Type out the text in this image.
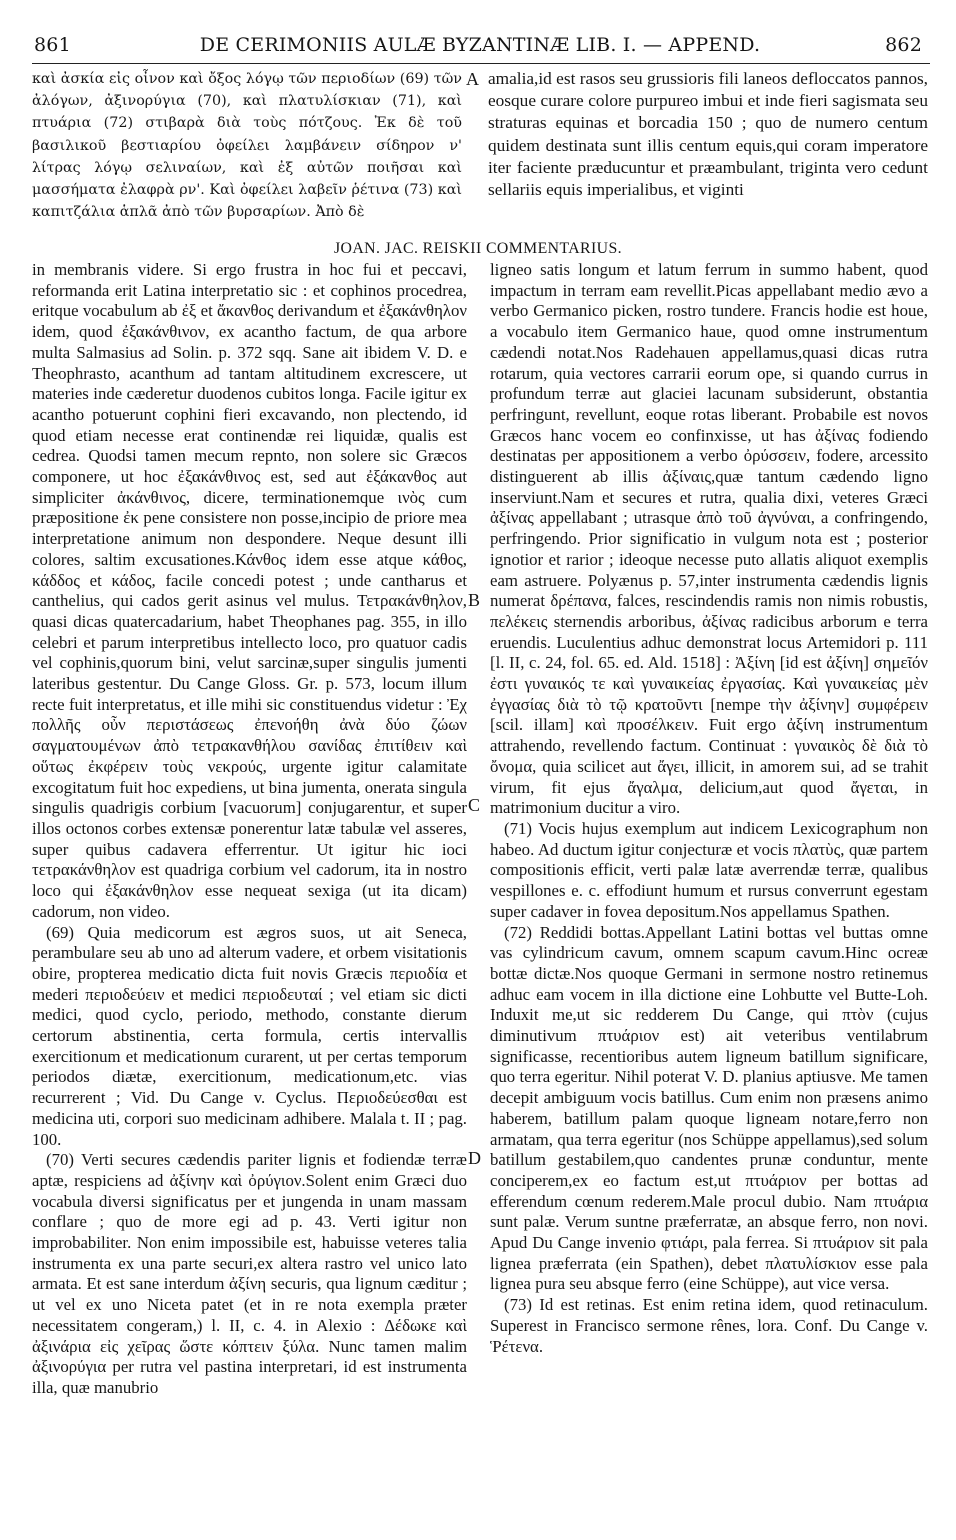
861	DE CERIMONIIS AULÆ BYZANTINÆ LIB. I. — APPEND.	862

καὶ ἀσκία εἰς οἶνον καὶ ὄξος λόγῳ τῶν περιοδίων (69) τῶν ἀλόγων, ἀξινορύγια (70), καὶ πλατυλίσκιαν (71), καὶ πτυάρια (72) στιβαρὰ διὰ τοὺς πότζους. Ἐκ δὲ τοῦ βασιλικοῦ βεστιαρίου ὀφείλει λαμβάνειν σίδηρον ν' λίτρας λόγῳ σελιναίων, καὶ ἐξ αὐτῶν ποιῆσαι καὶ μασσήματα ἐλαφρὰ ρν'. Καὶ ὀφείλει λαβεῖν ῥέτινα (73) καὶ καπιτζάλια ἁπλᾶ ἀπὸ τῶν βυρσαρίων. Ἀπὸ δὲ

A amalia,id est rasos seu grussioris fili laneos defloccatos pannos, eosque curare colore purpureo imbui et inde fieri sagismata seu straturas equinas et borcadia 150 ; quo de numero centum quidem destinata sunt illis centum equis,qui coram imperatore iter faciente præducuntur et præambulant, triginta vero cedunt sellariis equis imperialibus, et viginti

JOAN. JAC. REISKII COMMENTARIUS.

in membranis videre. Si ergo frustra in hoc fui et peccavi, reformanda erit Latina interpretatio sic : et cophinos procedrea, eritque vocabulum ab ἐξ et ἄκανθος derivandum et ἐξακάνθηλον idem, quod ἐξακάνθινον, ex acantho factum, de qua arbore multa Salmasius ad Solin. p. 372 sqq. Sane ait ibidem V. D. e Theophrasto, acanthum ad tantam altitudinem excrescere, ut materies inde cæderetur duodenos cubitos longa. Facile igitur ex acantho potuerunt cophini fieri excavando, non plectendo, id quod etiam necesse erat continendæ rei liquidæ, qualis est cedrea. Quodsi tamen mecum repnto, non solere sic Græcos componere, ut hoc ἐξακάνθινος est, sed aut ἐξάκανθος aut simpliciter ἀκάνθινος, dicere, terminationemque ινὸς cum præpositione ἐκ pene consistere non posse,incipio de priore mea interpretatione animum non despondere. Neque desunt illi colores, saltim excusationes.Κάνθος idem esse atque κάθος, κάδδος et κάδος, facile concedi potest ; unde cantharus et canthelius, qui cados gerit asinus vel mulus. Τετρακάνθηλον, quasi dicas quatercadarium, habet Theophanes pag. 355, in illo celebri et parum interpretibus intellecto loco, pro quatuor cadis vel cophinis,quorum bini, velut sarcinæ,super singulis jumenti lateribus gestentur. Du Cange Gloss. Gr. p. 573, locum illum recte fuit interpretatus, et ille mihi sic constituendus videtur : Ἐχ πολλῆς οὖν περιστάσεως ἐπενοήθη ἀνὰ δύο ζώων σαγματουμένων ἀπὸ τετρακανθήλου σανίδας ἐπιτίθειν καὶ οὕτως ἐκφέρειν τοὺς νεκρούς, urgente igitur calamitate excogitatum fuit hoc expediens, ut bina jumenta, onerata singula singulis quadrigis corbium [vacuorum] conjugarentur, et super illos octonos corbes extensæ ponerentur latæ tabulæ vel asseres, super quibus cadavera efferrentur. Ut igitur hic ioci τετρακάνθηλον est quadriga corbium vel cadorum, ita in nostro loco qui ἐξακάνθηλον esse nequeat sexiga (ut ita dicam) cadorum, non video.

(69) Quia medicorum est ægros suos, ut ait Seneca, perambulare seu ab uno ad alterum vadere, et orbem visitationis obire, propterea medicatio dicta fuit novis Græcis περιοδία et mederi περιοδεύειν et medici περιοδευταί ; vel etiam sic dicti medici, quod cyclo, periodo, methodo, constante dierum certorum abstinentia, certa formula, certis intervallis exercitionum et medicationum curarent, ut per certas temporum periodos diætæ, exercitionum, medicationum,etc. vias recurrerent ; Vid. Du Cange v. Cyclus. Περιοδεύεσθαι est medicina uti, corpori suo medicinam adhibere. Malala t. II ; pag. 100.

(70) Verti secures cædendis pariter lignis et fodiendæ terræ aptæ, respiciens ad ἀξίνην καὶ ὀρύγιον.Solent enim Græci duo vocabula diversi significatus per et jungenda in unam massam conflare ; quo de more egi ad p. 43. Verti igitur non improbabiliter. Non enim impossibile est, habuisse veteres talia instrumenta ex una parte securi,ex altera rastro vel unico lato armata. Et est sane interdum ἀξίνη securis, qua lignum cæditur ; ut vel ex uno Niceta patet (et in re nota exempla præter necessitatem congeram,) l. II, c. 4. in Alexio : Δέδωκε καὶ ἀξινάρια εἰς χεῖρας ὥστε κόπτειν ξύλα. Nunc tamen malim ἀξινορύγια per rutra vel pastina interpretari, id est instrumenta illa, quæ manubrio

B
C
D

ligneo satis longum et latum ferrum in summo habent, quod impactum in terram eam revellit.Picas appellabant medio ævo a verbo Germanico picken, rostro tundere. Francis hodie est houe, a vocabulo item Germanico haue, quod omne instrumentum cædendi notat.Nos Radehauen appellamus,quasi dicas rutra rotarum, quia vectores carrarii eorum ope, si quando currus in profundum terræ aut glaciei lacunam subsiderunt, obstantia perfringunt, revellunt, eoque rotas liberant. Probabile est novos Græcos hanc vocem eo confinxisse, ut has ἀξίνας fodiendo destinatas per appositionem a verbo ὀρύσσειν, fodere, arcessito distinguerent ab illis ἀξίναις,quæ tantum cædendo ligno inserviunt.Nam et secures et rutra, qualia dixi, veteres Græci ἀξίνας appellabant ; utrasque ἀπὸ τοῦ ἀγνύναι, a confringendo, perfringendo. Prior significatio in vulgum nota est ; posterior ignotior et rarior ; ideoque necesse puto allatis aliquot exemplis eam astruere. Polyænus p. 57,inter instrumenta cædendis lignis numerat δρέπανα, falces, rescindendis ramis non nimis robustis, πελέκεις sternendis arboribus, ἀξίνας radicibus arborum e terra eruendis. Luculentius adhuc demonstrat locus Artemidori p. 111 [l. II, c. 24, fol. 65. ed. Ald. 1518] : Ἀξίνη [id est ἀξίνη] σημεῖόν ἐστι γυναικός τε καὶ γυναικείας ἐργασίας. Καὶ γυναικείας μὲν ἐγγασίας διὰ τὸ τῷ κρατοῦντι [nempe τὴν ἀξίνην] συμφέρειν [scil. illam] καὶ προσέλκειν. Fuit ergo ἀξίνη instrumentum attrahendo, revellendo factum. Continuat : γυναικὸς δὲ διὰ τὸ ὄνομα, quia scilicet aut ἄγει, illicit, in amorem sui, ad se trahit virum, fit ejus ἄγαλμα, delicium,aut quod ἄγεται, in matrimonium ducitur a viro.

(71) Vocis hujus exemplum aut indicem Lexicographum non habeo. Ad ductum igitur conjecturæ et vocis πλατὺς, quæ partem compositionis efficit, verti palæ latæ averrendæ terræ, qualibus vespillones e. c. effodiunt humum et rursus converrunt egestam super cadaver in fovea depositum.Nos appellamus Spathen.

(72) Reddidi bottas.Appellant Latini bottas vel buttas omne vas cylindricum cavum, omnem scapum cavum.Hinc ocreæ bottæ dictæ.Nos quoque Germani in sermone nostro retinemus adhuc eam vocem in illa dictione eine Lohbutte vel Butte-Loh. Induxit me,ut sic redderem Du Cange, qui πτὸν (cujus diminutivum πτυάριον est) ait veteribus ventilabrum significasse, recentioribus autem ligneum batillum significare, quo terra egeritur. Nihil poterat V. D. planius aptiusve. Me tamen decepit ambiguum vocis batillus. Cum enim non præsens animo haberem, batillum palam quoque ligneam notare,ferro non armatam, qua terra egeritur (nos Schüppe appellamus),sed solum batillum gestabilem,quo candentes prunæ conduntur, mente conciperem,ex eo factum est,ut πτυάριον per bottas ad efferendum cœnum rederem.Male procul dubio. Nam πτυάρια sunt palæ. Verum suntne præferratæ, an absque ferro, non novi. Apud Du Cange invenio φτιάρι, pala ferrea. Si πτυάριον sit pala lignea præferrata (ein Spathen), debet πλατυλίσκιον esse pala lignea pura seu absque ferro (eine Schüppe), aut vice versa.

(73) Id est retinas. Est enim retina idem, quod retinaculum. Superest in Francisco sermone rênes, lora. Conf. Du Cange v. Ῥέτενα.
